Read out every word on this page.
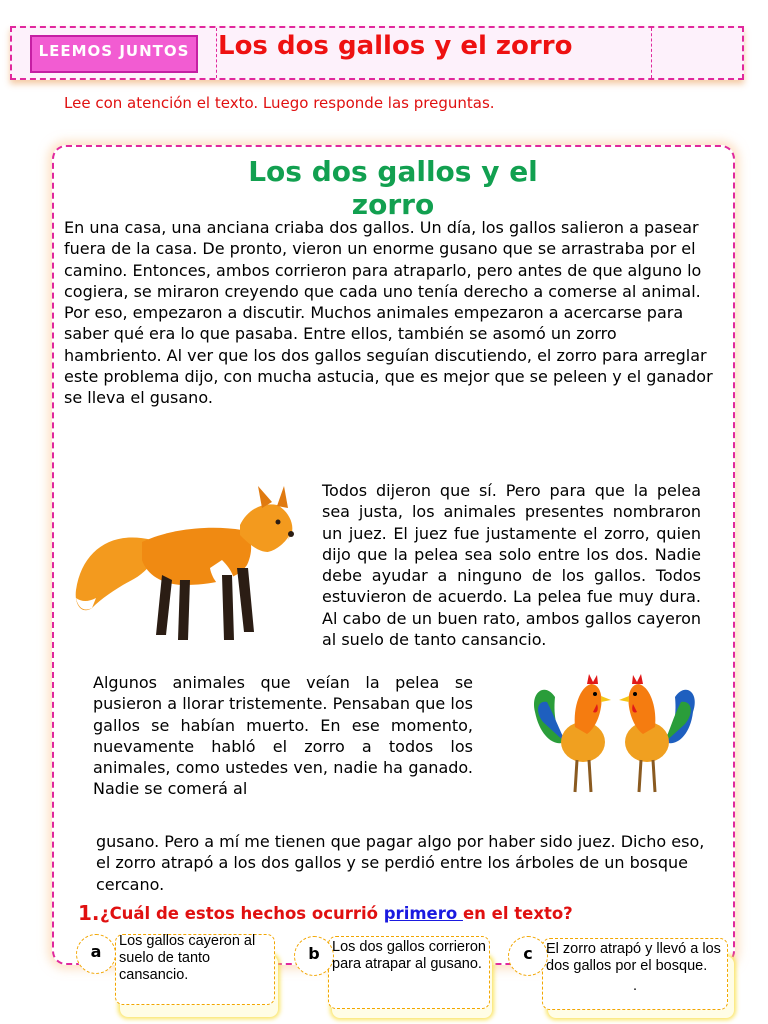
LEEMOS JUNTOS	Los dos gallos y el zorro
Lee con atención el texto. Luego responde las preguntas.
Los dos gallos y el zorro
En una casa, una anciana criaba dos gallos. Un día, los gallos salieron a pasear fuera de la casa. De pronto, vieron un enorme gusano que se arrastraba por el camino. Entonces, ambos corrieron para atraparlo, pero antes de que alguno lo cogiera, se miraron creyendo que cada uno tenía derecho a comerse al animal. Por eso, empezaron a discutir. Muchos animales empezaron a acercarse para saber qué era lo que pasaba. Entre ellos, también se asomó un zorro hambriento. Al ver que los dos gallos seguían discutiendo, el zorro para arreglar este problema dijo, con mucha astucia, que es mejor que se peleen y el ganador se lleva el gusano.
Todos dijeron que sí. Pero para que la pelea sea justa, los animales presentes nombraron un juez. El juez fue justamente el zorro, quien dijo que la pelea sea solo entre los dos. Nadie debe ayudar a ninguno de los gallos. Todos estuvieron de acuerdo. La pelea fue muy dura. Al cabo de un buen rato, ambos gallos cayeron al suelo de tanto cansancio.
Algunos animales que veían la pelea se pusieron a llorar tristemente. Pensaban que los gallos se habían muerto. En ese momento, nuevamente habló el zorro a todos los animales, como ustedes ven, nadie ha ganado. Nadie se comerá al
gusano. Pero a mí me tienen que pagar algo por haber sido juez. Dicho eso, el zorro atrapó a los dos gallos y se perdió entre los árboles de un bosque cercano.
1. ¿Cuál de estos hechos ocurrió primero en el texto?
a
Los gallos cayeron al suelo de tanto cansancio.
b Los dos gallos corrieron para atrapar al gusano.
c El zorro atrapó y llevó a los dos gallos por el bosque.
.
